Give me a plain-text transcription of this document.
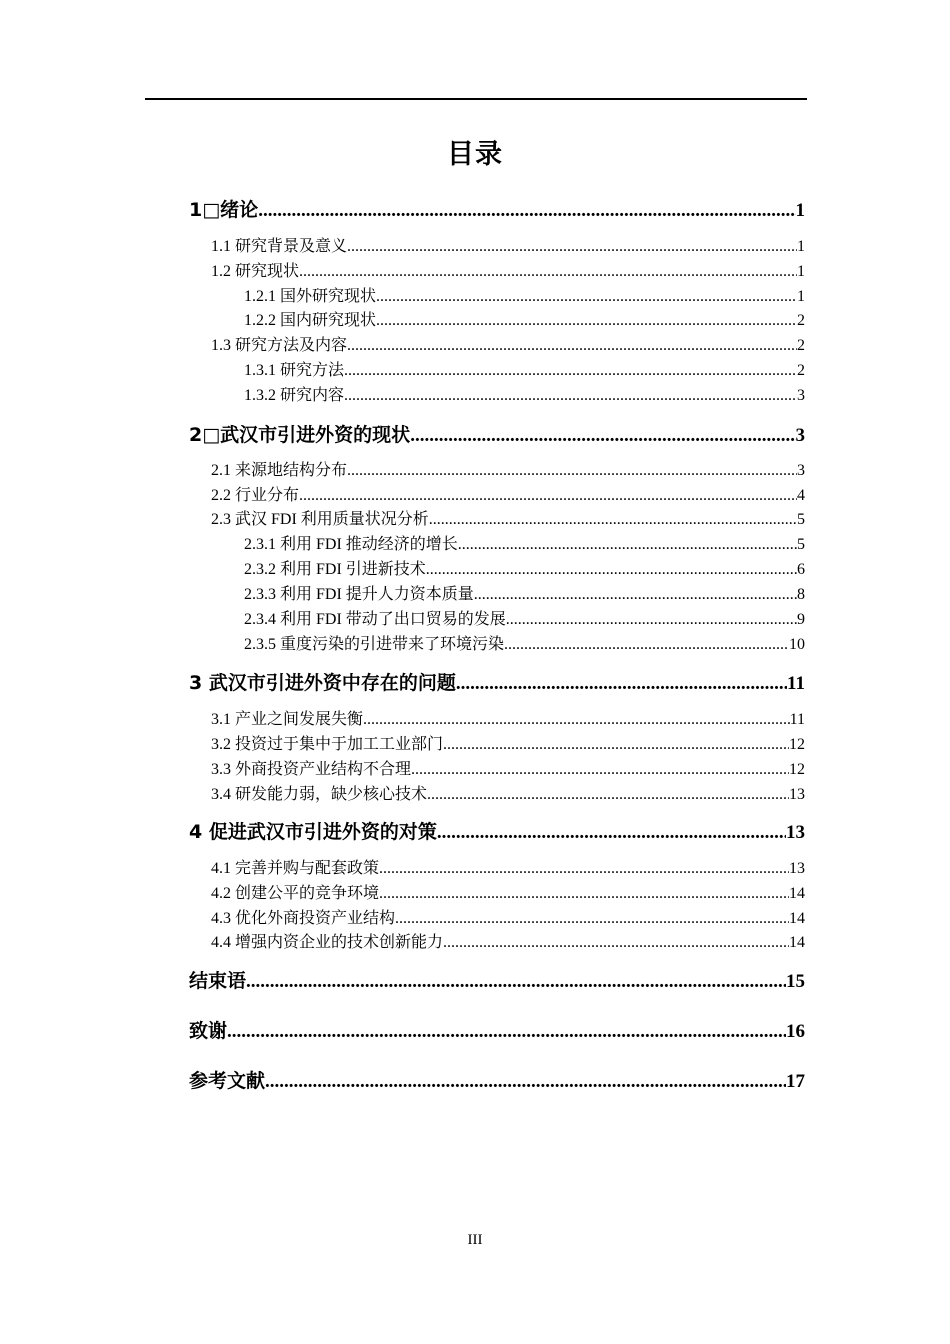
目录
1□绪论 .....	1
1.1 研究背景及意义 .....	1
1.2 研究现状 .....	1
1.2.1 国外研究现状 .....	1
1.2.2 国内研究现状 .....	2
1.3 研究方法及内容 .....	2
1.3.1 研究方法 .....	2
1.3.2 研究内容 .....	3
2□武汉市引进外资的现状 .....	3
2.1 来源地结构分布 .....	3
2.2 行业分布 .....	4
2.3 武汉 FDI 利用质量状况分析 .....	5
2.3.1 利用 FDI 推动经济的增长 .....	5
2.3.2 利用 FDI 引进新技术 .....	6
2.3.3 利用 FDI 提升人力资本质量 .....	8
2.3.4 利用 FDI 带动了出口贸易的发展 .....	9
2.3.5 重度污染的引进带来了环境污染 .....	10
3 武汉市引进外资中存在的问题 .....	11
3.1 产业之间发展失衡 .....	11
3.2 投资过于集中于加工工业部门 .....	12
3.3 外商投资产业结构不合理 .....	12
3.4 研发能力弱，缺少核心技术 .....	13
4 促进武汉市引进外资的对策 .....	13
4.1 完善并购与配套政策 .....	13
4.2 创建公平的竞争环境 .....	14
4.3 优化外商投资产业结构 .....	14
4.4 增强内资企业的技术创新能力 .....	14
结束语 .....	15
致谢 .....	16
参考文献 .....	17
III
